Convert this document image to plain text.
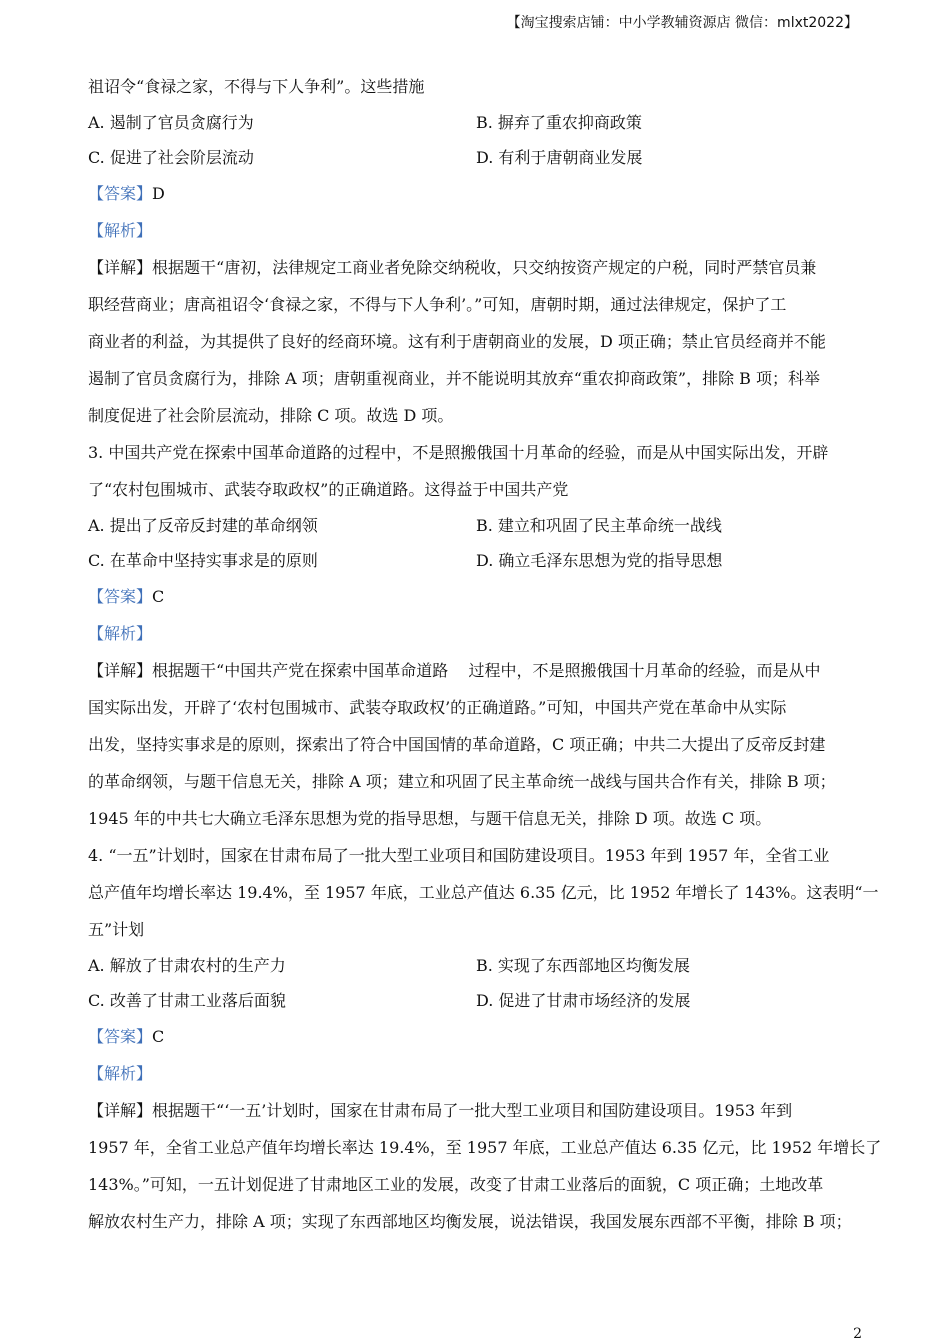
【淘宝搜索店铺：中小学教辅资源店 微信：mlxt2022】
祖诏令“食禄之家，不得与下人争利”。这些措施
A. 遏制了官员贪腐行为	B. 摒弃了重农抑商政策
C. 促进了社会阶层流动	D. 有利于唐朝商业发展
【答案】D
【解析】
【详解】根据题干“唐初，法律规定工商业者免除交纳税收，只交纳按资产规定的户税，同时严禁官员兼
职经营商业；唐高祖诏令‘食禄之家，不得与下人争利’。”可知，唐朝时期，通过法律规定，保护了工
商业者的利益，为其提供了良好的经商环境。这有利于唐朝商业的发展，D 项正确；禁止官员经商并不能
遏制了官员贪腐行为，排除 A 项；唐朝重视商业，并不能说明其放弃“重农抑商政策”，排除 B 项；科举
制度促进了社会阶层流动，排除 C 项。故选 D 项。
3. 中国共产党在探索中国革命道路的过程中，不是照搬俄国十月革命的经验，而是从中国实际出发，开辟
了“农村包围城市、武装夺取政权”的正确道路。这得益于中国共产党
A. 提出了反帝反封建的革命纲领	B. 建立和巩固了民主革命统一战线
C. 在革命中坚持实事求是的原则	D. 确立毛泽东思想为党的指导思想
【答案】C
【解析】
【详解】根据题干“中国共产党在探索中国革命道路    过程中，不是照搬俄国十月革命的经验，而是从中
国实际出发，开辟了‘农村包围城市、武装夺取政权’的正确道路。”可知，中国共产党在革命中从实际
出发，坚持实事求是的原则，探索出了符合中国国情的革命道路，C 项正确；中共二大提出了反帝反封建
的革命纲领，与题干信息无关，排除 A 项；建立和巩固了民主革命统一战线与国共合作有关，排除 B 项；
1945 年的中共七大确立毛泽东思想为党的指导思想，与题干信息无关，排除 D 项。故选 C 项。
4. “一五”计划时，国家在甘肃布局了一批大型工业项目和国防建设项目。1953 年到 1957 年，全省工业
总产值年均增长率达 19.4%，至 1957 年底，工业总产值达 6.35 亿元，比 1952 年增长了 143%。这表明“一
五”计划
A. 解放了甘肃农村的生产力	B. 实现了东西部地区均衡发展
C. 改善了甘肃工业落后面貌	D. 促进了甘肃市场经济的发展
【答案】C
【解析】
【详解】根据题干“‘一五’计划时，国家在甘肃布局了一批大型工业项目和国防建设项目。1953 年到
1957 年，全省工业总产值年均增长率达 19.4%，至 1957 年底，工业总产值达 6.35 亿元，比 1952 年增长了
143%。”可知，一五计划促进了甘肃地区工业的发展，改变了甘肃工业落后的面貌，C 项正确；土地改革
解放农村生产力，排除 A 项；实现了东西部地区均衡发展，说法错误，我国发展东西部不平衡，排除 B 项；
2
